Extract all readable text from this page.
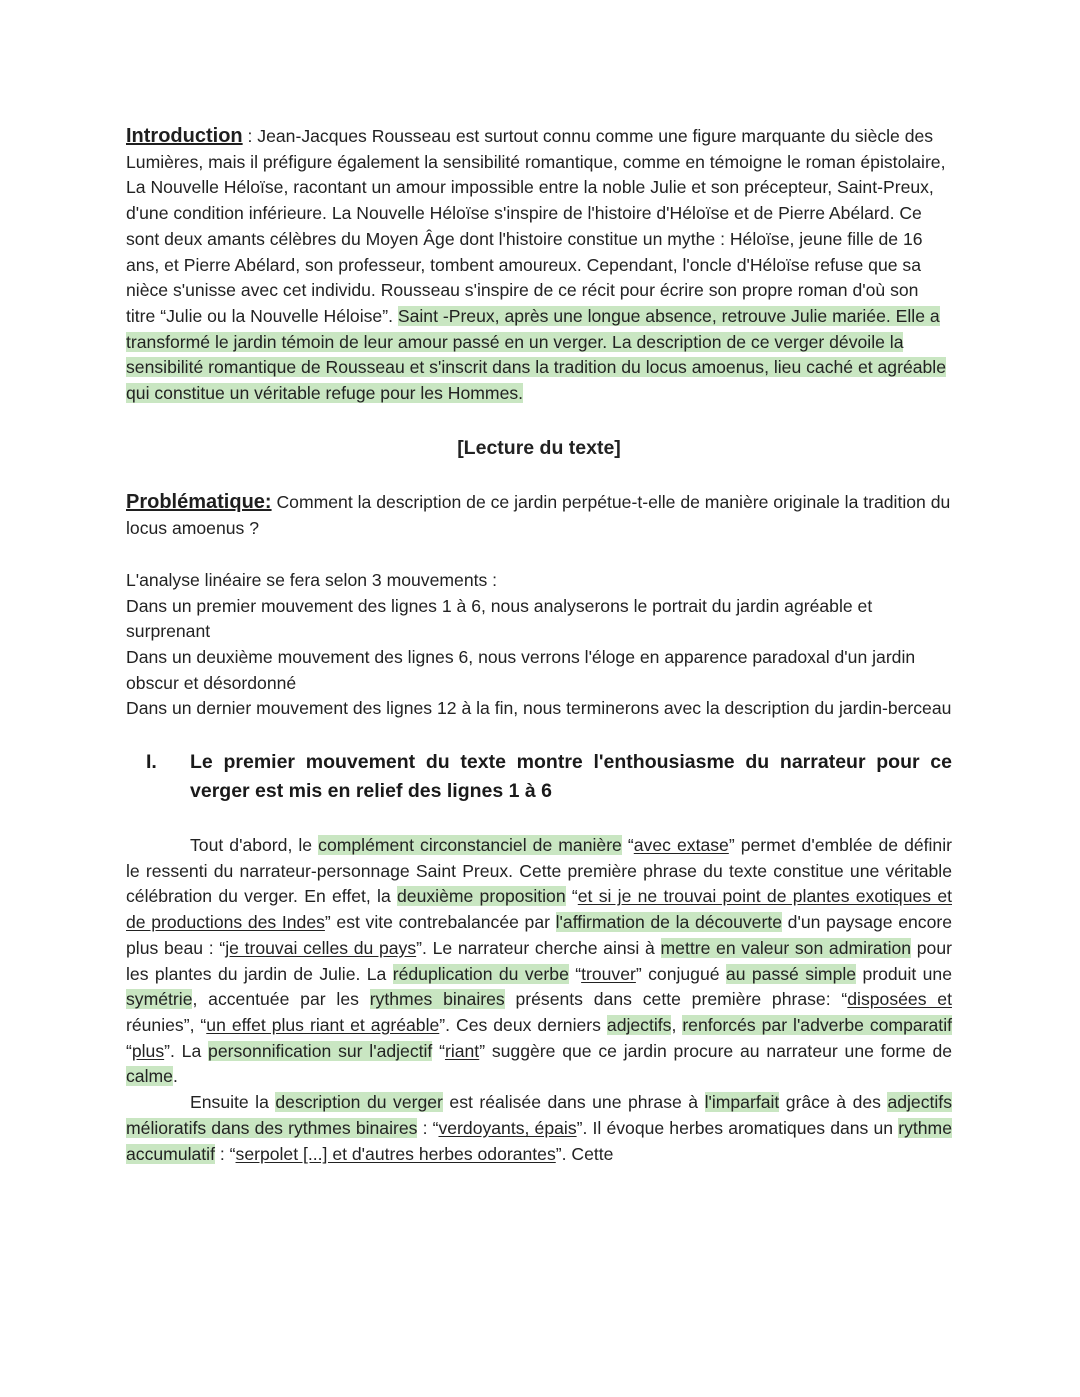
Introduction : Jean-Jacques Rousseau est surtout connu comme une figure marquante du siècle des Lumières, mais il préfigure également la sensibilité romantique, comme en témoigne le roman épistolaire, La Nouvelle Héloïse, racontant un amour impossible entre la noble Julie et son précepteur, Saint-Preux, d'une condition inférieure. La Nouvelle Héloïse s'inspire de l'histoire d'Héloïse et de Pierre Abélard. Ce sont deux amants célèbres du Moyen Âge dont l'histoire constitue un mythe : Héloïse, jeune fille de 16 ans, et Pierre Abélard, son professeur, tombent amoureux. Cependant, l'oncle d'Héloïse refuse que sa nièce s'unisse avec cet individu. Rousseau s'inspire de ce récit pour écrire son propre roman d'où son titre “Julie ou la Nouvelle Héloise”. Saint -Preux, après une longue absence, retrouve Julie mariée. Elle a transformé le jardin témoin de leur amour passé en un verger. La description de ce verger dévoile la sensibilité romantique de Rousseau et s'inscrit dans la tradition du locus amoenus, lieu caché et agréable qui constitue un véritable refuge pour les Hommes.

[Lecture du texte]

Problématique: Comment la description de ce jardin perpétue-t-elle de manière originale la tradition du locus amoenus ?

L'analyse linéaire se fera selon 3 mouvements :

Dans un premier mouvement des lignes 1 à 6, nous analyserons le portrait du jardin agréable et surprenant

Dans un deuxième mouvement des lignes 6, nous verrons l'éloge en apparence paradoxal d'un jardin obscur et désordonné

Dans un dernier mouvement des lignes 12 à la fin, nous terminerons avec la description du jardin-berceau

I.	Le premier mouvement du texte montre l'enthousiasme du narrateur pour ce verger est mis en relief des lignes 1 à 6

Tout d'abord, le complément circonstanciel de manière “avec extase” permet d'emblée de définir le ressenti du narrateur-personnage Saint Preux. Cette première phrase du texte constitue une véritable célébration du verger. En effet, la deuxième proposition “et si je ne trouvai point de plantes exotiques et de productions des Indes” est vite contrebalancée par l'affirmation de la découverte d'un paysage encore plus beau : “je trouvai celles du pays”. Le narrateur cherche ainsi à mettre en valeur son admiration pour les plantes du jardin de Julie. La réduplication du verbe “trouver” conjugué au passé simple produit une symétrie, accentuée par les rythmes binaires présents dans cette première phrase: “disposées et réunies”, “un effet plus riant et agréable”. Ces deux derniers adjectifs, renforcés par l'adverbe comparatif “plus”. La personnification sur l'adjectif “riant” suggère que ce jardin procure au narrateur une forme de calme.

Ensuite la description du verger est réalisée dans une phrase à l'imparfait grâce à des adjectifs mélioratifs dans des rythmes binaires : “verdoyants, épais”. Il évoque herbes aromatiques dans un rythme accumulatif : “serpolet [...] et d'autres herbes odorantes”. Cette
